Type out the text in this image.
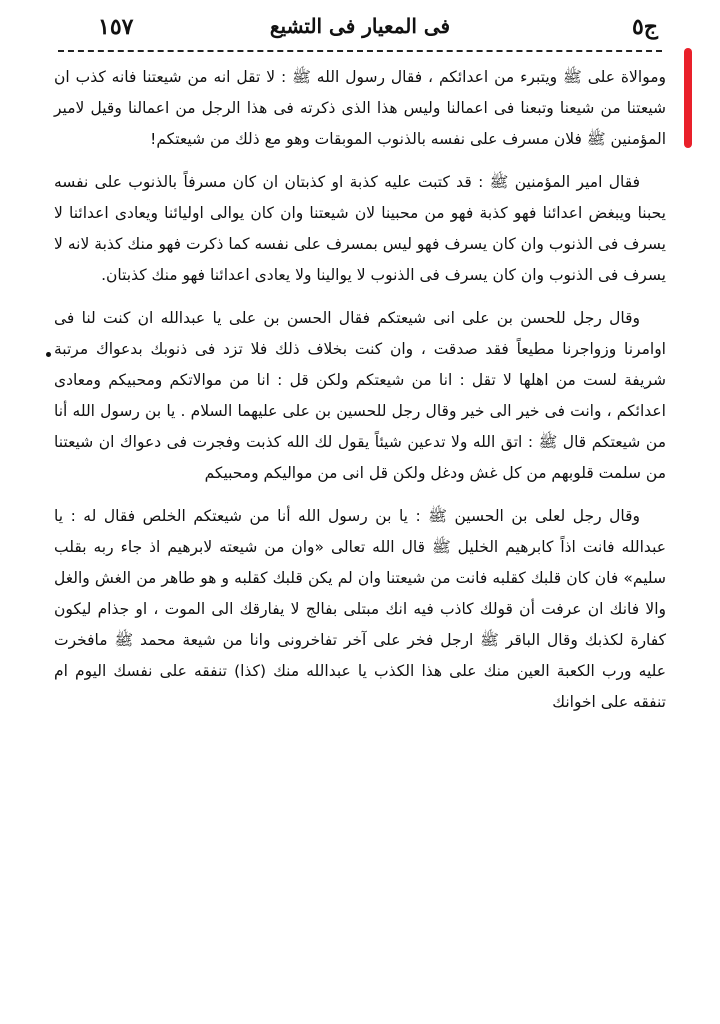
ج٥
فى المعيار فى التشيع
١٥٧

وموالاة على ﷺ ويتبرء من اعدائكم ، فقال رسول الله ﷺ : لا تقل انه من شيعتنا فانه كذب ان شيعتنا من شيعنا وتبعنا فى اعمالنا وليس هذا الذى ذكرته فى هذا الرجل من اعمالنا وقيل لامير المؤمنين ﷺ فلان مسرف على نفسه بالذنوب الموبقات وهو مع ذلك من شيعتكم!

فقال امير المؤمنين ﷺ : قد كتبت عليه كذبة او كذبتان ان كان مسرفاً بالذنوب على نفسه يحبنا ويبغض اعدائنا فهو كذبة فهو من محبينا لان شيعتنا وان كان يوالى اوليائنا ويعادى اعدائنا لا يسرف فى الذنوب وان كان يسرف فهو ليس بمسرف على نفسه كما ذكرت فهو منك كذبة لانه لا يسرف فى الذنوب وان كان يسرف فى الذنوب لا يوالينا ولا يعادى اعدائنا فهو منك كذبتان.

وقال رجل للحسن بن على انى شيعتكم فقال الحسن بن على يا عبدالله ان كنت لنا فى اوامرنا وزواجرنا مطيعاً فقد صدقت ، وان كنت بخلاف ذلك فلا تزد فى ذنوبك بدعواك مرتبة شريفة لست من اهلها لا تقل : انا من شيعتكم ولكن قل : انا من موالاتكم ومحبيكم ومعادى اعدائكم ، وانت فى خير الى خير وقال رجل للحسين بن على عليهما السلام . يا بن رسول الله أنا من شيعتكم قال ﷺ : اتق الله ولا تدعين شيئاً يقول لك الله كذبت وفجرت فى دعواك ان شيعتنا من سلمت قلوبهم من كل غش ودغل ولكن قل انى من مواليكم ومحبيكم

وقال رجل لعلى بن الحسين ﷺ : يا بن رسول الله أنا من شيعتكم الخلص فقال له : يا عبدالله فانت اذاً كابرهيم الخليل ﷺ قال الله تعالى «وان من شيعته لابرهيم اذ جاء ربه بقلب سليم» فان كان قلبك كقلبه فانت من شيعتنا وان لم يكن قلبك كقلبه و هو طاهر من الغش والغل والا فانك ان عرفت أن قولك كاذب فيه انك مبتلى بفالج لا يفارقك الى الموت ، او جذام ليكون كفارة لكذبك وقال الباقر ﷺ ارجل فخر على آخر تفاخرونى وانا من شيعة محمد ﷺ مافخرت عليه ورب الكعبة العين منك على هذا الكذب يا عبدالله منك (كذا) تنفقه على نفسك اليوم ام تنفقه على اخوانك
